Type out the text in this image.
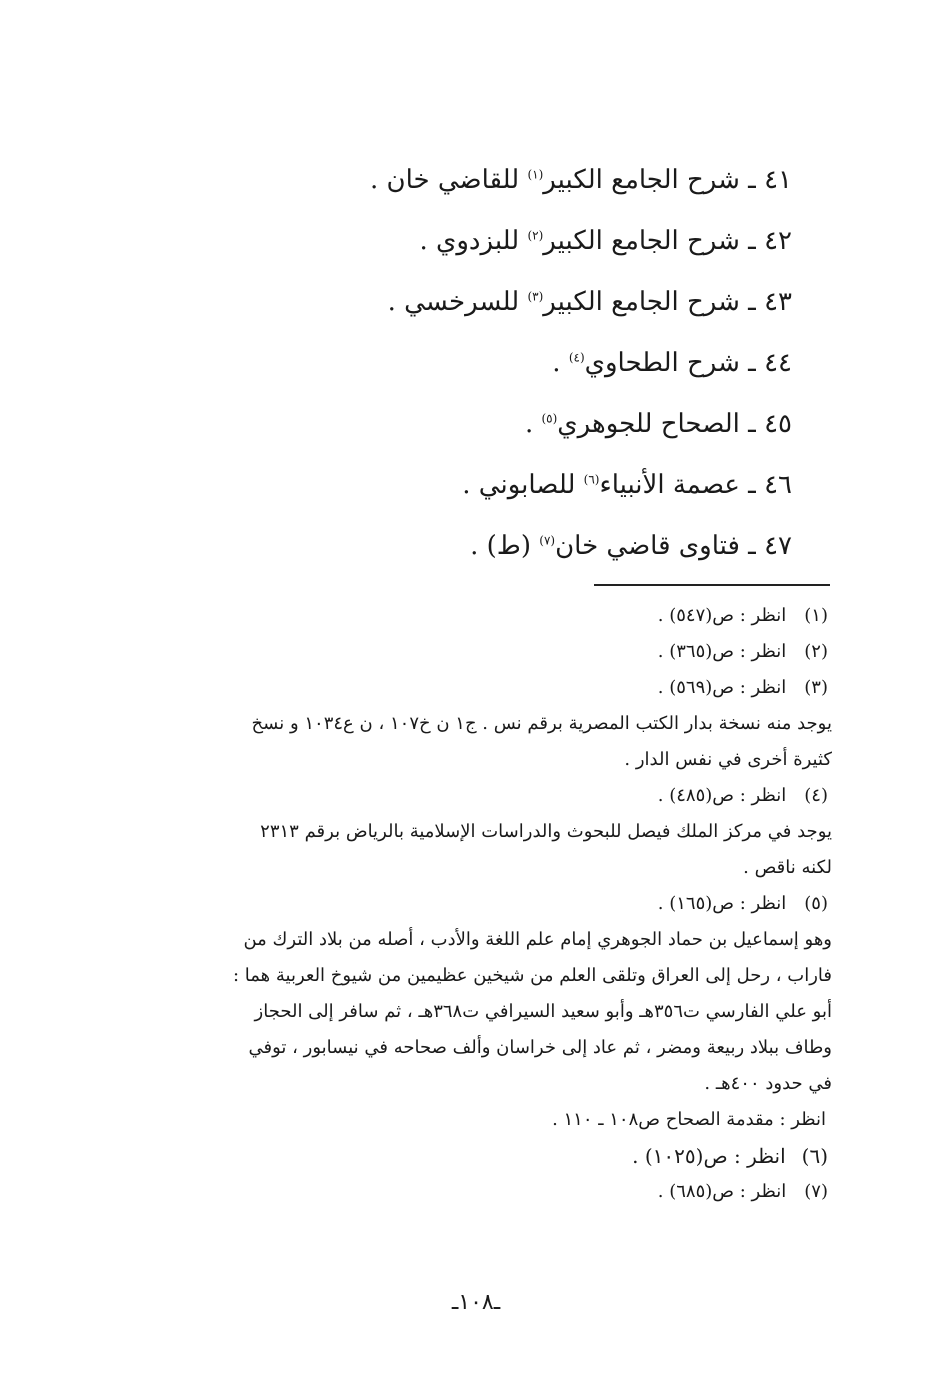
٤١ ـ شرح الجامع الكبير$^{(١)}$ للقاضي خان .
٤٢ ـ شرح الجامع الكبير$^{(٢)}$ للبزدوي .
٤٣ ـ شرح الجامع الكبير$^{(٣)}$ للسرخسي .
٤٤ ـ شرح الطحاوي$^{(٤)}$ .
٤٥ ـ الصحاح للجوهري$^{(٥)}$ .
٤٦ ـ عصمة الأنبياء$^{(٦)}$ للصابوني .
٤٧ ـ فتاوى قاضي خان$^{(٧)}$ (ط) .
(١) انظر : ص(٥٤٧) .
(٢) انظر : ص(٣٦٥) .
(٣) انظر : ص(٥٦٩) .
يوجد منه نسخة بدار الكتب المصرية برقم نس . ج١ ن خ١٠٧ ، ن ع١٠٣٤ و نسخ
كثيرة أخرى في نفس الدار .
(٤) انظر : ص(٤٨٥) .
يوجد في مركز الملك فيصل للبحوث والدراسات الإسلامية بالرياض برقم ٢٣١٣
لكنه ناقص .
(٥) انظر : ص(١٦٥) .
وهو إسماعيل بن حماد الجوهري إمام علم اللغة والأدب ، أصله من بلاد الترك من
فاراب ، رحل إلى العراق وتلقى العلم من شيخين عظيمين من شيوخ العربية هما :
أبو علي الفارسي ت٣٥٦هـ وأبو سعيد السيرافي ت٣٦٨هـ ، ثم سافر إلى الحجاز
وطاف ببلاد ربيعة ومضر ، ثم عاد إلى خراسان وألف صحاحه في نيسابور ، توفي
في حدود ٤٠٠هـ .
انظر : مقدمة الصحاح ص١٠٨ ـ ١١٠ .
(٦) انظر : ص(١٠٢٥) .
(٧) انظر : ص(٦٨٥) .
ـ١٠٨ـ
